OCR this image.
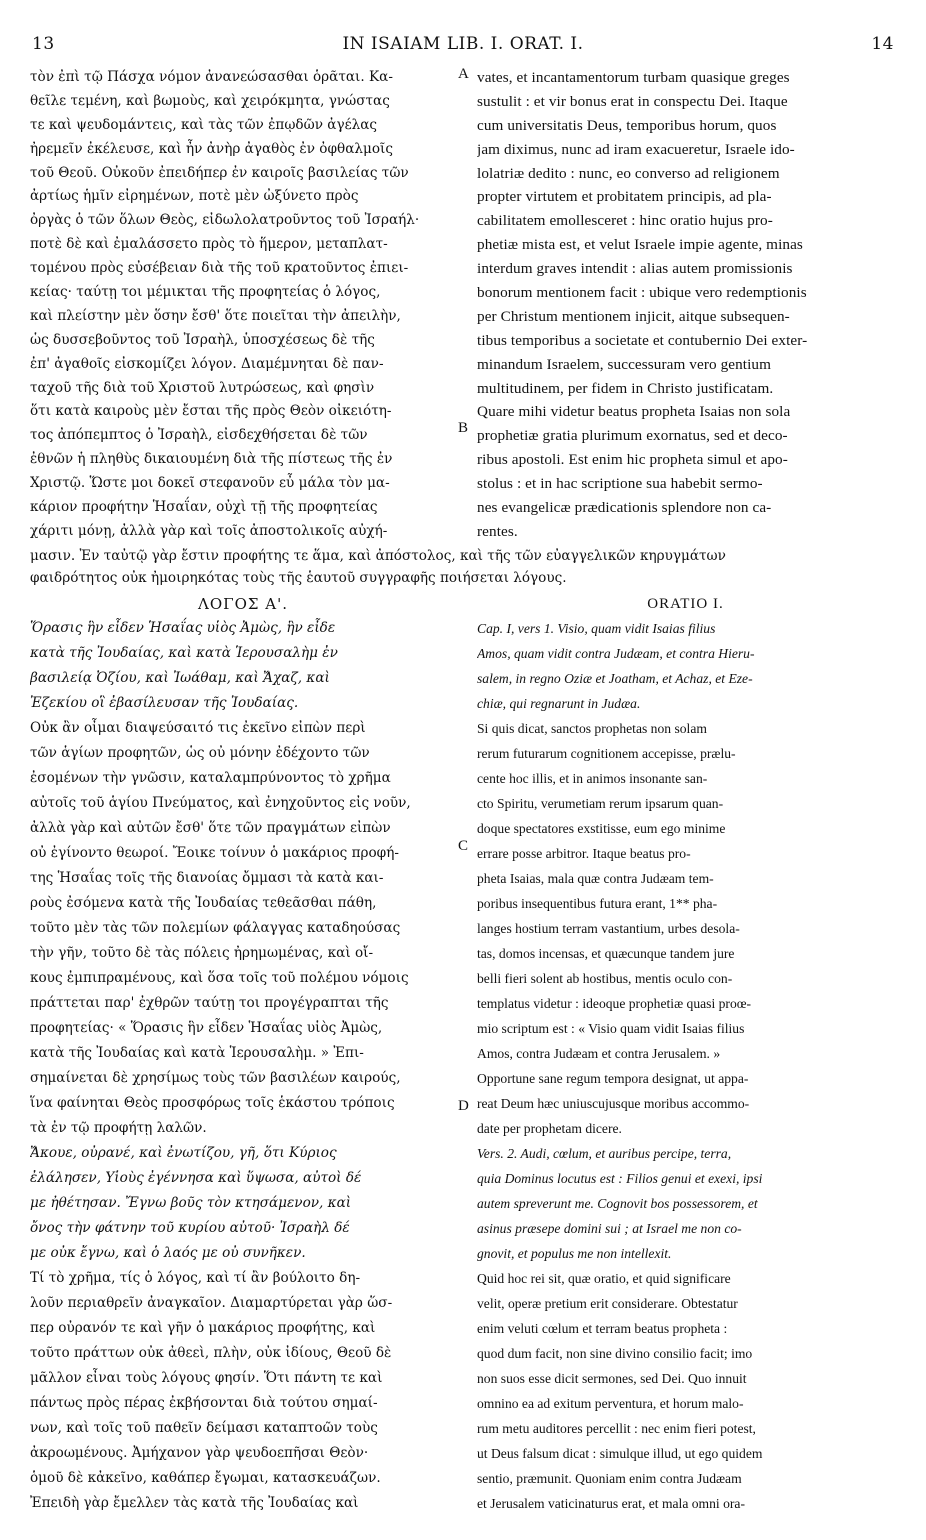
13	IN ISAIAM LIB. I. ORAT. I.	14
τὸν ἐπὶ τῷ Πάσχα νόμον ἀνανεώσασθαι ὁρᾶται. Κα-
θεῖλε τεμένη, καὶ βωμοὺς, καὶ χειρόκμητα, γνώστας
τε καὶ ψευδομάντεις, καὶ τὰς τῶν ἐπῳδῶν ἀγέλας
ἠρεμεῖν ἐκέλευσε, καὶ ἦν ἀνὴρ ἀγαθὸς ἐν ὀφθαλμοῖς
τοῦ Θεοῦ. Οὐκοῦν ἐπειδήπερ ἐν καιροῖς βασιλείας τῶν
ἀρτίως ἡμῖν εἰρημένων, ποτὲ μὲν ὠξύνετο πρὸς
ὀργὰς ὁ τῶν ὅλων Θεὸς, εἰδωλολατροῦντος τοῦ Ἰσραήλ·
ποτὲ δὲ καὶ ἐμαλάσσετο πρὸς τὸ ἥμερον, μεταπλατ-
τομένου πρὸς εὐσέβειαν διὰ τῆς τοῦ κρατοῦντος ἐπιει-
κείας· ταύτῃ τοι μέμικται τῆς προφητείας ὁ λόγος,
καὶ πλείστην μὲν ὅσην ἔσθ' ὅτε ποιεῖται τὴν ἀπειλὴν,
ὡς δυσσεβοῦντος τοῦ Ἰσραὴλ, ὑποσχέσεως δὲ τῆς
ἐπ' ἀγαθοῖς εἰσκομίζει λόγον. Διαμέμνηται δὲ παν-
ταχοῦ τῆς διὰ τοῦ Χριστοῦ λυτρώσεως, καὶ φησὶν
ὅτι κατὰ καιροὺς μὲν ἔσται τῆς πρὸς Θεὸν οἰκειότη-
τος ἀπόπεμπτος ὁ Ἰσραὴλ, εἰσδεχθήσεται δὲ τῶν
ἐθνῶν ἡ πληθὺς δικαιουμένη διὰ τῆς πίστεως τῆς ἐν
Χριστῷ. Ὥστε μοι δοκεῖ στεφανοῦν εὖ μάλα τὸν μα-
κάριον προφήτην Ἡσαΐαν, οὐχὶ τῇ τῆς προφητείας
χάριτι μόνῃ, ἀλλὰ γὰρ καὶ τοῖς ἀποστολικοῖς αὐχή-
vates, et incantamentorum turbam quasique greges
sustulit : et vir bonus erat in conspectu Dei. Itaque
cum universitatis Deus, temporibus horum, quos
jam diximus, nunc ad iram exacueretur, Israele ido-
lolatriæ dedito : nunc, eo converso ad religionem
propter virtutem et probitatem principis, ad pla-
cabilitatem emollesceret : hinc oratio hujus pro-
phetiæ mista est, et velut Israele impie agente, minas
interdum graves intendit : alias autem promissionis
bonorum mentionem facit : ubique vero redemptionis
per Christum mentionem injicit, aitque subsequen-
tibus temporibus a societate et contubernio Dei exter-
minandum Israelem, successuram vero gentium
multitudinem, per fidem in Christo justificatam.
Quare mihi videtur beatus propheta Isaias non sola
prophetiæ gratia plurimum exornatus, sed et deco-
ribus apostoli. Est enim hic propheta simul et apo-
stolus : et in hac scriptione sua habebit sermo-
nes evangelicæ prædicationis splendore non ca-
rentes.
A
B
C
D
μασιν. Ἐν ταὐτῷ γὰρ ἔστιν προφήτης τε ἅμα, καὶ ἀπόστολος, καὶ τῆς τῶν εὐαγγελικῶν κηρυγμάτων
φαιδρότητος οὐκ ἠμοιρηκότας τοὺς τῆς ἑαυτοῦ συγγραφῆς ποιήσεται λόγους.
ΛΟΓΟΣ Α'.
Ὅρασις ἣν εἶδεν Ἡσαΐας υἱὸς Ἀμὼς, ἣν εἶδε
κατὰ τῆς Ἰουδαίας, καὶ κατὰ Ἱερουσαλὴμ ἐν
βασιλείᾳ Ὀζίου, καὶ Ἰωάθαμ, καὶ Ἄχαζ, καὶ
Ἐζεκίου οἳ ἐβασίλευσαν τῆς Ἰουδαίας.
Οὐκ ἂν οἶμαι διαψεύσαιτό τις ἐκεῖνο εἰπὼν περὶ
τῶν ἁγίων προφητῶν, ὡς οὐ μόνην ἐδέχοντο τῶν
ἐσομένων τὴν γνῶσιν, καταλαμπρύνοντος τὸ χρῆμα
αὐτοῖς τοῦ ἁγίου Πνεύματος, καὶ ἐνηχοῦντος εἰς νοῦν,
ἀλλὰ γὰρ καὶ αὐτῶν ἔσθ' ὅτε τῶν πραγμάτων εἰπὼν
οὐ ἐγίνοντο θεωροί. Ἔοικε τοίνυν ὁ μακάριος προφή-
της Ἡσαΐας τοῖς τῆς διανοίας ὄμμασι τὰ κατὰ και-
ροὺς ἐσόμενα κατὰ τῆς Ἰουδαίας τεθεᾶσθαι πάθη,
τοῦτο μὲν τὰς τῶν πολεμίων φάλαγγας καταδηούσας
τὴν γῆν, τοῦτο δὲ τὰς πόλεις ἠρημωμένας, καὶ οἴ-
κους ἐμπιπραμένους, καὶ ὅσα τοῖς τοῦ πολέμου νόμοις
πράττεται παρ' ἐχθρῶν ταύτῃ τοι προγέγραπται τῆς
προφητείας· « Ὅρασις ἣν εἶδεν Ἡσαΐας υἱὸς Ἀμὼς,
κατὰ τῆς Ἰουδαίας καὶ κατὰ Ἱερουσαλὴμ. » Ἐπι-
σημαίνεται δὲ χρησίμως τοὺς τῶν βασιλέων καιρούς,
ἵνα φαίνηται Θεὸς προσφόρως τοῖς ἑκάστου τρόποις
τὰ ἐν τῷ προφήτῃ λαλῶν.
Ἄκουε, οὐρανέ, καὶ ἐνωτίζου, γῆ, ὅτι Κύριος
ἐλάλησεν, Υἱοὺς ἐγέννησα καὶ ὕψωσα, αὐτοὶ δέ
με ἠθέτησαν. Ἔγνω βοῦς τὸν κτησάμενον, καὶ
ὄνος τὴν φάτνην τοῦ κυρίου αὐτοῦ· Ἰσραὴλ δέ
με οὐκ ἔγνω, καὶ ὁ λαός με οὐ συνῆκεν.
Τί τὸ χρῆμα, τίς ὁ λόγος, καὶ τί ἂν βούλοιτο δη-
λοῦν περιαθρεῖν ἀναγκαῖον. Διαμαρτύρεται γὰρ ὥσ-
περ οὐρανόν τε καὶ γῆν ὁ μακάριος προφήτης, καὶ
τοῦτο πράττων οὐκ ἀθεεὶ, πλὴν, οὐκ ἰδίους, Θεοῦ δὲ
μᾶλλον εἶναι τοὺς λόγους φησίν. Ὅτι πάντη τε καὶ
πάντως πρὸς πέρας ἐκβήσονται διὰ τούτου σημαί-
νων, καὶ τοῖς τοῦ παθεῖν δείμασι καταπτοῶν τοὺς
ἀκροωμένους. Ἀμήχανον γὰρ ψευδοεπῆσαι Θεὸν·
ὁμοῦ δὲ κἀκεῖνο, καθάπερ ἔγωμαι, κατασκευάζων.
Ἐπειδὴ γὰρ ἔμελλεν τὰς κατὰ τῆς Ἰουδαίας καὶ
ORATIO I.
Cap. I, vers 1. Visio, quam vidit Isaias filius
Amos, quam vidit contra Judæam, et contra Hieru-
salem, in regno Oziæ et Joatham, et Achaz, et Eze-
chiæ, qui regnarunt in Judæa.
Si quis dicat, sanctos prophetas non solam
rerum futurarum cognitionem accepisse, prælu-
cente hoc illis, et in animos insonante san-
cto Spiritu, verumetiam rerum ipsarum quan-
doque spectatores exstitisse, eum ego minime
errare posse arbitror. Itaque beatus pro-
pheta Isaias, mala quæ contra Judæam tem-
poribus insequentibus futura erant, 1** pha-
langes hostium terram vastantium, urbes desola-
tas, domos incensas, et quæcunque tandem jure
belli fieri solent ab hostibus, mentis oculo con-
templatus videtur : ideoque prophetiæ quasi proœ-
mio scriptum est : « Visio quam vidit Isaias filius
Amos, contra Judæam et contra Jerusalem. »
Opportune sane regum tempora designat, ut appa-
reat Deum hæc uniuscujusque moribus accommo-
date per prophetam dicere.
Vers. 2. Audi, cœlum, et auribus percipe, terra,
quia Dominus locutus est : Filios genui et exexi, ipsi
autem spreverunt me. Cognovit bos possessorem, et
asinus præsepe domini sui ; at Israel me non co-
gnovit, et populus me non intellexit.
Quid hoc rei sit, quæ oratio, et quid significare
velit, operæ pretium erit considerare. Obtestatur
enim veluti cœlum et terram beatus propheta :
quod dum facit, non sine divino consilio facit; imo
non suos esse dicit sermones, sed Dei. Quo innuit
omnino ea ad exitum perventura, et horum malo-
rum metu auditores percellit : nec enim fieri potest,
ut Deus falsum dicat : simulque illud, ut ego quidem
sentio, præmunit. Quoniam enim contra Judæam
et Jerusalem vaticinaturus erat, et mala omni ora-
